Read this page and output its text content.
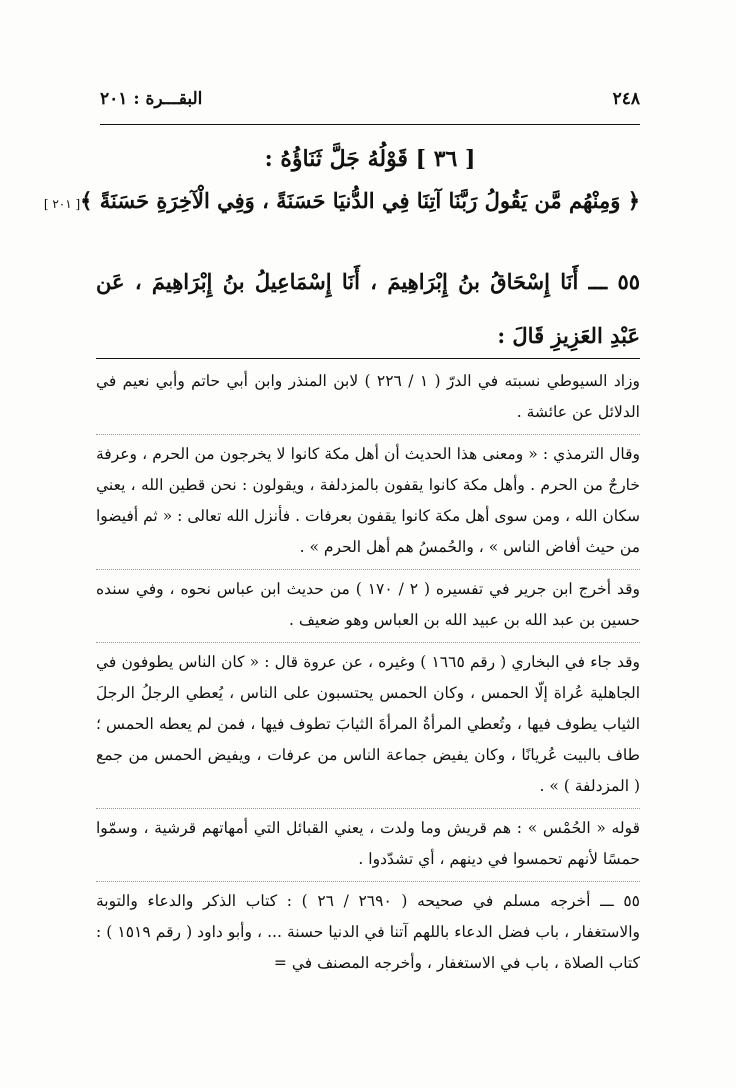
٢٤٨
البقـــرة : ٢٠١
[ ٣٦ ] قَوْلُهُ جَلَّ ثَنَاؤُهُ :
﴿ وَمِنْهُم مَّن يَقُولُ رَبَّنَا آتِنَا فِي الدُّنيَا حَسَنَةً ، وَفِي الْآخِرَةِ حَسَنَةً ﴾
[ ٢٠١ ]
٥٥ ـــ أَنَا إِسْحَاقُ بنُ إِبْرَاهِيمَ ، أَنَا إِسْمَاعِيلُ بنُ إِبْرَاهِيمَ ، عَن عَبْدِ العَزِيزِ قَالَ :

وزاد السيوطي نسبته في الدرّ ( ١ / ٢٢٦ ) لابن المنذر وابن أبي حاتم وأبي نعيم في الدلائل عن عائشة .

وقال الترمذي : « ومعنى هذا الحديث أن أهل مكة كانوا لا يخرجون من الحرم ، وعرفة خارجٌ من الحرم . وأهل مكة كانوا يقفون بالمزدلفة ، ويقولون : نحن قطين الله ، يعني سكان الله ، ومن سوى أهل مكة كانوا يقفون بعرفات . فأنزل الله تعالى : « ثم أفيضوا من حيث أفاض الناس » ، والحُمسُ هم أهل الحرم » .

وقد أخرج ابن جرير في تفسيره ( ٢ / ١٧٠ ) من حديث ابن عباس نحوه ، وفي سنده حسين بن عبد الله بن عبيد الله بن العباس وهو ضعيف .

وقد جاء في البخاري ( رقم ١٦٦٥ ) وغيره ، عن عروة قال : « كان الناس يطوفون في الجاهلية عُراة إلّا الحمس ، وكان الحمس يحتسبون على الناس ، يُعطي الرجلُ الرجلَ الثياب يطوف فيها ، وتُعطي المرأةُ المرأةَ الثيابَ تطوف فيها ، فمن لم يعطه الحمس ؛ طاف بالبيت عُريانًا ، وكان يفيض جماعة الناس من عرفات ، ويفيض الحمس من جمع ( المزدلفة ) » .

قوله « الحُمْس » : هم قريش وما ولدت ، يعني القبائل التي أمهاتهم قرشية ، وسمّوا حمسًا لأنهم تحمسوا في دينهم ، أي تشدّدوا .

٥٥ ـــ أخرجه مسلم في صحيحه ( ٢٦٩٠ / ٢٦ ) : كتاب الذكر والدعاء والتوبة والاستغفار ، باب فضل الدعاء باللهم آتنا في الدنيا حسنة ... ، وأبو داود ( رقم ١٥١٩ ) : كتاب الصلاة ، باب في الاستغفار ، وأخرجه المصنف في =
